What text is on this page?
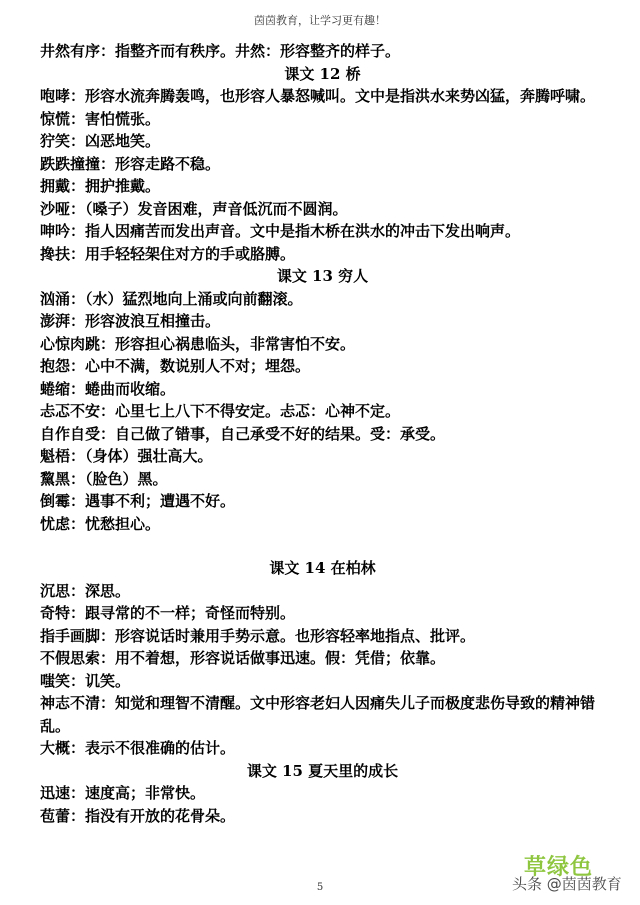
茵茵教育，让学习更有趣！
井然有序：指整齐而有秩序。井然：形容整齐的样子。
课文 12 桥
咆哮：形容水流奔腾轰鸣，也形容人暴怒喊叫。文中是指洪水来势凶猛，奔腾呼啸。
惊慌：害怕慌张。
狞笑：凶恶地笑。
跌跌撞撞：形容走路不稳。
拥戴：拥护推戴。
沙哑：（嗓子）发音困难，声音低沉而不圆润。
呻吟：指人因痛苦而发出声音。文中是指木桥在洪水的冲击下发出响声。
搀扶：用手轻轻架住对方的手或胳膊。
课文 13 穷人
汹涌：（水）猛烈地向上涌或向前翻滚。
澎湃：形容波浪互相撞击。
心惊肉跳：形容担心祸患临头，非常害怕不安。
抱怨：心中不满，数说别人不对；埋怨。
蜷缩：蜷曲而收缩。
忐忑不安：心里七上八下不得安定。忐忑：心神不定。
自作自受：自己做了错事，自己承受不好的结果。受：承受。
魁梧：（身体）强壮高大。
黧黑：（脸色）黑。
倒霉：遇事不利；遭遇不好。
忧虑：忧愁担心。
课文 14 在柏林
沉思：深思。
奇特：跟寻常的不一样；奇怪而特别。
指手画脚：形容说话时兼用手势示意。也形容轻率地指点、批评。
不假思索：用不着想，形容说话做事迅速。假：凭借；依靠。
嗤笑：讥笑。
神志不清：知觉和理智不清醒。文中形容老妇人因痛失儿子而极度悲伤导致的精神错乱。
大概：表示不很准确的估计。
课文 15 夏天里的成长
迅速：速度高；非常快。
苞蕾：指没有开放的花骨朵。
5
草绿色
头条 @茵茵教育
